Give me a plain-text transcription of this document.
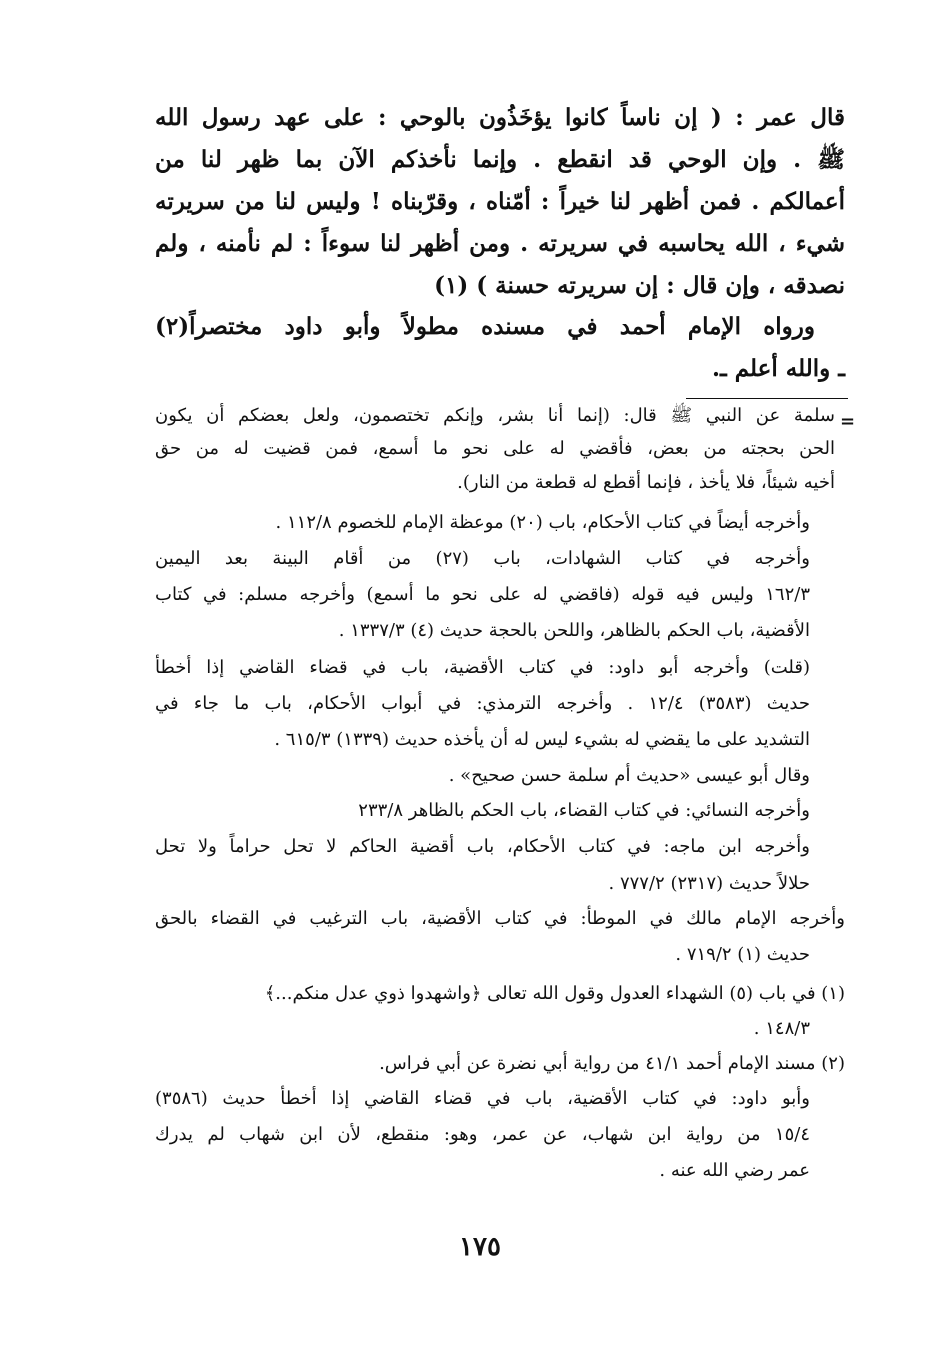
قال عمر : ( إن ناساً كانوا يؤخَذُون بالوحي : على عهد رسول الله
ﷺ . وإن الوحي قد انقطع . وإنما نأخذكم الآن بما ظهر لنا من
أعمالكم . فمن أظهر لنا خيراً : أمّناه ، وقرّبناه ! وليس لنا من سريرته
شيء ، الله يحاسبه في سريرته . ومن أظهر لنا سوءاً : لم نأمنه ، ولم
نصدقه ، وإن قال : إن سريرته حسنة ) (١)
ورواه الإمام أحمد في مسنده مطولاً وأبو داود مختصراً(٢)
ـ والله أعلم ـ.
=
سلمة عن النبي ﷺ قال: (إنما أنا بشر، وإنكم تختصمون، ولعل بعضكم أن يكون
الحن بحجته من بعض، فأقضي له على نحو ما أسمع، فمن قضيت له من حق
أخيه شيئاً، فلا يأخذ ، فإنما أقطع له قطعة من النار).
وأخرجه أيضاً في كتاب الأحكام، باب (٢٠) موعظة الإمام للخصوم ١١٢/٨ .
وأخرجه في كتاب الشهادات، باب (٢٧) من أقام البينة بعد اليمين
١٦٢/٣ وليس فيه قوله (فاقضي له على نحو ما أسمع) وأخرجه مسلم: في كتاب
الأقضية، باب الحكم بالظاهر، واللحن بالحجة حديث (٤) ١٣٣٧/٣ .
(قلت) وأخرجه أبو داود: في كتاب الأقضية، باب في قضاء القاضي إذا أخطأ
حديث (٣٥٨٣) ١٢/٤ . وأخرجه الترمذي: في أبواب الأحكام، باب ما جاء في
التشديد على ما يقضي له بشيء ليس له أن يأخذه حديث (١٣٣٩) ٦١٥/٣ .
وقال أبو عيسى «حديث أم سلمة حسن صحيح» .
وأخرجه النسائي: في كتاب القضاء، باب الحكم بالظاهر ٢٣٣/٨
وأخرجه ابن ماجه: في كتاب الأحكام، باب أقضية الحاكم لا تحل حراماً ولا تحل
حلالاً حديث (٢٣١٧) ٧٧٧/٢ .
وأخرجه الإمام مالك في الموطأ: في كتاب الأقضية، باب الترغيب في القضاء بالحق
حديث (١) ٧١٩/٢ .
(١) في باب (٥) الشهداء العدول وقول الله تعالى ﴿واشهدوا ذوي عدل منكم...﴾
١٤٨/٣ .
(٢) مسند الإمام أحمد ٤١/١ من رواية أبي نضرة عن أبي فراس.
وأبو داود: في كتاب الأقضية، باب في قضاء القاضي إذا أخطأ حديث (٣٥٨٦)
١٥/٤ من رواية ابن شهاب، عن عمر، وهو: منقطع، لأن ابن شهاب لم يدرك
عمر رضي الله عنه .
١٧٥
